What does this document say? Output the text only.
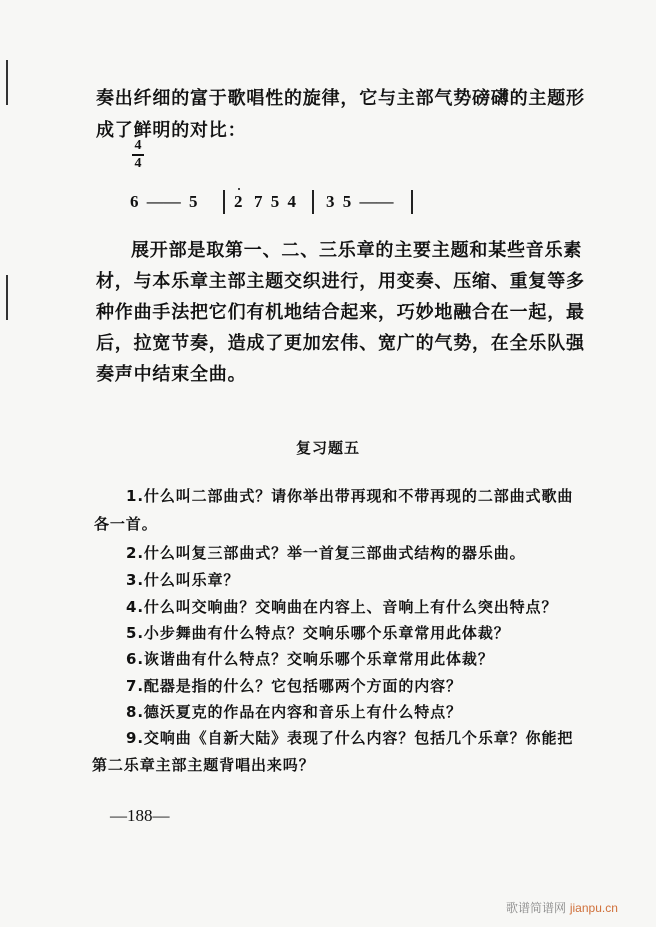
奏出纤细的富于歌唱性的旋律，它与主部气势磅礴的主题形
成了鲜明的对比：
4
4
6 —— 5 2 7 5 4 3 5 ——
展开部是取第一、二、三乐章的主要主题和某些音乐素
材，与本乐章主部主题交织进行，用变奏、压缩、重复等多
种作曲手法把它们有机地结合起来，巧妙地融合在一起，最
后，拉宽节奏，造成了更加宏伟、宽广的气势，在全乐队强
奏声中结束全曲。
复习题五
1.什么叫二部曲式？请你举出带再现和不带再现的二部曲式歌曲
各一首。
2.什么叫复三部曲式？举一首复三部曲式结构的器乐曲。
3.什么叫乐章？
4.什么叫交响曲？交响曲在内容上、音响上有什么突出特点？
5.小步舞曲有什么特点？交响乐哪个乐章常用此体裁？
6.诙谐曲有什么特点？交响乐哪个乐章常用此体裁？
7.配器是指的什么？它包括哪两个方面的内容？
8.德沃夏克的作品在内容和音乐上有什么特点？
9.交响曲《自新大陆》表现了什么内容？包括几个乐章？你能把
第二乐章主部主题背唱出来吗？
—188—
歌谱简谱网 jianpu.cn
